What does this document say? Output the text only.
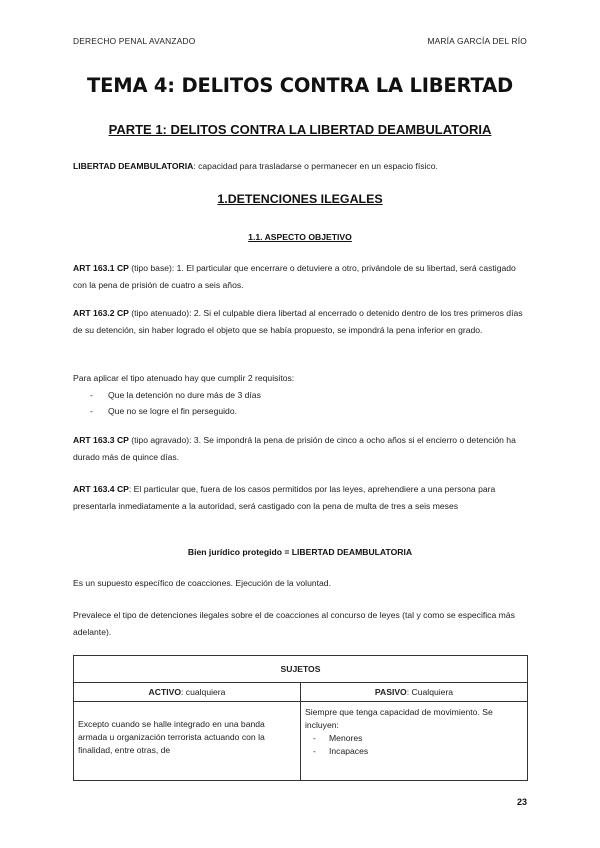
DERECHO PENAL AVANZADO	MARÍA GARCÍA DEL RÍO
TEMA 4: DELITOS CONTRA LA LIBERTAD
PARTE 1: DELITOS CONTRA LA LIBERTAD DEAMBULATORIA
LIBERTAD DEAMBULATORIA: capacidad para trasladarse o permanecer en un espacio físico.
1.DETENCIONES ILEGALES
1.1. ASPECTO OBJETIVO
ART 163.1 CP (tipo base): 1. El particular que encerrare o detuviere a otro, privándole de su libertad, será castigado con la pena de prisión de cuatro a seis años.
ART 163.2 CP (tipo atenuado): 2. Si el culpable diera libertad al encerrado o detenido dentro de los tres primeros días de su detención, sin haber logrado el objeto que se había propuesto, se impondrá la pena inferior en grado.
Para aplicar el tipo atenuado hay que cumplir 2 requisitos:
- Que la detención no dure más de 3 días
- Que no se logre el fin perseguido.
ART 163.3 CP (tipo agravado): 3. Se impondrá la pena de prisión de cinco a ocho años si el encierro o detención ha durado más de quince días.
ART 163.4 CP: El particular que, fuera de los casos permitidos por las leyes, aprehendiere a una persona para presentarla inmediatamente a la autoridad, será castigado con la pena de multa de tres a seis meses
Bien jurídico protegido = LIBERTAD DEAMBULATORIA
Es un supuesto específico de coacciones. Ejecución de la voluntad.
Prevalece el tipo de detenciones ilegales sobre el de coacciones al concurso de leyes (tal y como se especifica más adelante).
SUJETOS	
ACTIVO: cualquiera	PASIVO: Cualquiera
Excepto cuando se halle integrado en una banda armada u organización terrorista actuando con la finalidad, entre otras, de	Siempre que tenga capacidad de movimiento. Se incluyen:
- Menores
- Incapaces
23
